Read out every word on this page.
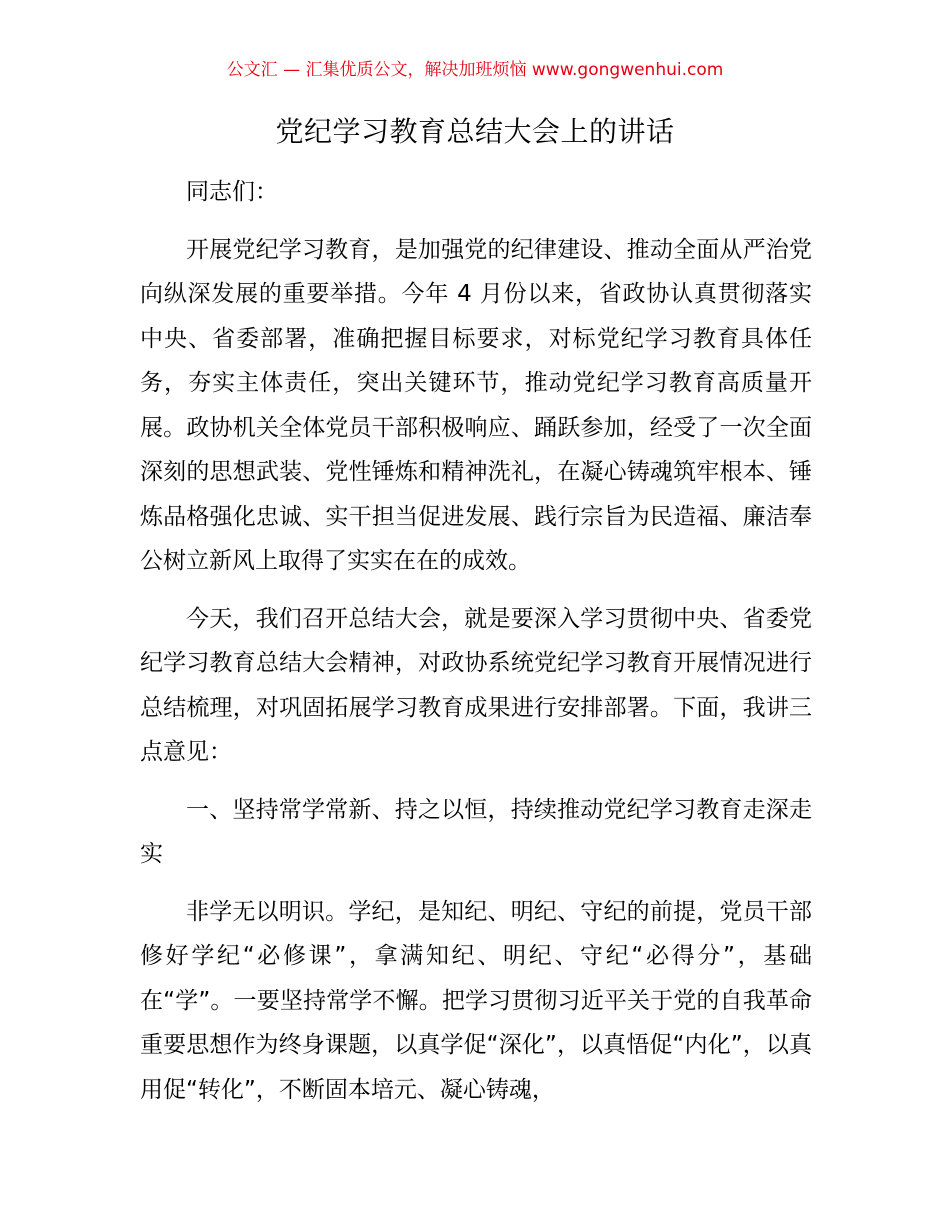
公文汇 — 汇集优质公文，解决加班烦恼 www.gongwenhui.com
党纪学习教育总结大会上的讲话

同志们：

开展党纪学习教育，是加强党的纪律建设、推动全面从严治党向纵深发展的重要举措。今年 4 月份以来，省政协认真贯彻落实中央、省委部署，准确把握目标要求，对标党纪学习教育具体任务，夯实主体责任，突出关键环节，推动党纪学习教育高质量开展。政协机关全体党员干部积极响应、踊跃参加，经受了一次全面深刻的思想武装、党性锤炼和精神洗礼，在凝心铸魂筑牢根本、锤炼品格强化忠诚、实干担当促进发展、践行宗旨为民造福、廉洁奉公树立新风上取得了实实在在的成效。

今天，我们召开总结大会，就是要深入学习贯彻中央、省委党纪学习教育总结大会精神，对政协系统党纪学习教育开展情况进行总结梳理，对巩固拓展学习教育成果进行安排部署。下面，我讲三点意见：

一、坚持常学常新、持之以恒，持续推动党纪学习教育走深走实

非学无以明识。学纪，是知纪、明纪、守纪的前提，党员干部修好学纪“必修课”，拿满知纪、明纪、守纪“必得分”，基础在“学”。一要坚持常学不懈。把学习贯彻习近平关于党的自我革命重要思想作为终身课题，以真学促“深化”，以真悟促“内化”，以真用促“转化”，不断固本培元、凝心铸魂，
